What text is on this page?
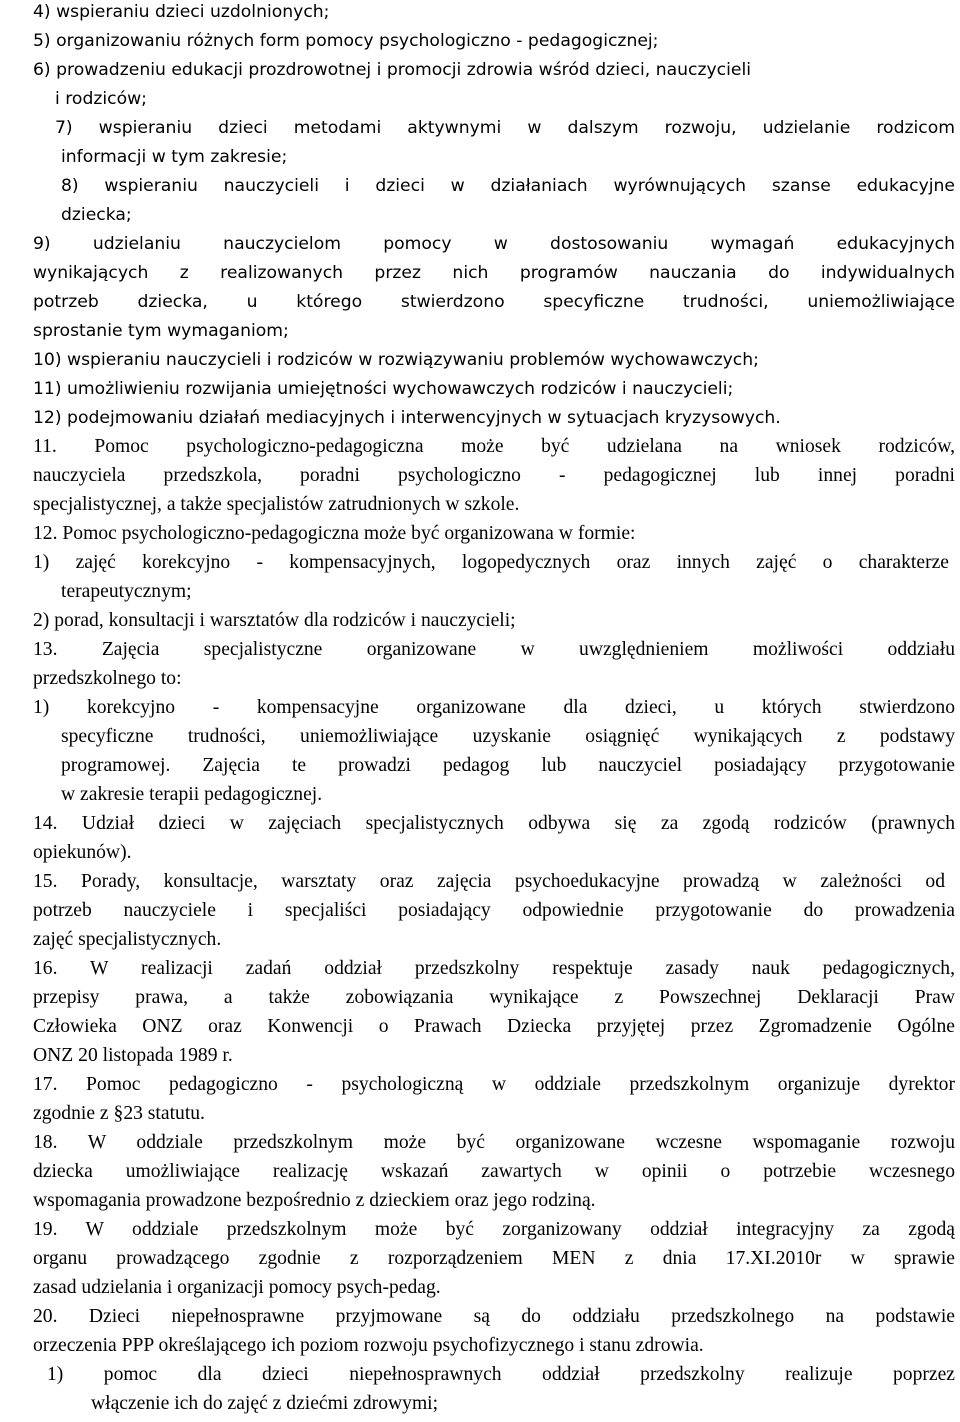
4) wspieraniu dzieci uzdolnionych;
5) organizowaniu różnych form pomocy psychologiczno - pedagogicznej;
6) prowadzeniu edukacji prozdrowotnej i promocji zdrowia wśród dzieci, nauczycieli
i rodziców;
7) wspieraniu dzieci metodami aktywnymi w dalszym rozwoju, udzielanie rodzicom
informacji w tym zakresie;
8) wspieraniu nauczycieli i dzieci w działaniach wyrównujących szanse edukacyjne
dziecka;
9) udzielaniu nauczycielom pomocy w dostosowaniu wymagań edukacyjnych
wynikających z realizowanych przez nich programów nauczania do indywidualnych
potrzeb dziecka, u którego stwierdzono specyficzne trudności, uniemożliwiające
sprostanie tym wymaganiom;
10) wspieraniu nauczycieli i rodziców w rozwiązywaniu problemów wychowawczych;
11) umożliwieniu rozwijania umiejętności wychowawczych rodziców i nauczycieli;
12) podejmowaniu działań mediacyjnych i interwencyjnych w sytuacjach kryzysowych.
11. Pomoc psychologiczno-pedagogiczna może być udzielana na wniosek rodziców,
nauczyciela przedszkola, poradni psychologiczno - pedagogicznej lub innej poradni
specjalistycznej, a także specjalistów zatrudnionych w szkole.
12. Pomoc psychologiczno-pedagogiczna może być organizowana w formie:
1) zajęć korekcyjno - kompensacyjnych, logopedycznych oraz innych zajęć o charakterze
terapeutycznym;
2) porad, konsultacji i warsztatów dla rodziców i nauczycieli;
13. Zajęcia specjalistyczne organizowane w uwzględnieniem możliwości oddziału
przedszkolnego to:
1) korekcyjno - kompensacyjne organizowane dla dzieci, u których stwierdzono
specyficzne trudności, uniemożliwiające uzyskanie osiągnięć wynikających z podstawy
programowej. Zajęcia te prowadzi pedagog lub nauczyciel posiadający przygotowanie
w zakresie terapii pedagogicznej.
14. Udział dzieci w zajęciach specjalistycznych odbywa się za zgodą rodziców (prawnych
opiekunów).
15. Porady, konsultacje, warsztaty oraz zajęcia psychoedukacyjne prowadzą w zależności od
potrzeb nauczyciele i specjaliści posiadający odpowiednie przygotowanie do prowadzenia
zajęć specjalistycznych.
16. W realizacji zadań oddział przedszkolny respektuje zasady nauk pedagogicznych,
przepisy prawa, a także zobowiązania wynikające z Powszechnej Deklaracji Praw
Człowieka ONZ oraz Konwencji o Prawach Dziecka przyjętej przez Zgromadzenie Ogólne
ONZ 20 listopada 1989 r.
17. Pomoc pedagogiczno - psychologiczną w oddziale przedszkolnym organizuje dyrektor
zgodnie z §23 statutu.
18. W oddziale przedszkolnym może być organizowane wczesne wspomaganie rozwoju
dziecka umożliwiające realizację wskazań zawartych w opinii o potrzebie wczesnego
wspomagania prowadzone bezpośrednio z dzieckiem oraz jego rodziną.
19. W oddziale przedszkolnym może być zorganizowany oddział integracyjny za zgodą
organu prowadzącego zgodnie z rozporządzeniem MEN z dnia 17.XI.2010r w sprawie
zasad udzielania i organizacji pomocy psych-pedag.
20. Dzieci niepełnosprawne przyjmowane są do oddziału przedszkolnego na podstawie
orzeczenia PPP określającego ich poziom rozwoju psychofizycznego i stanu zdrowia.
1) pomoc dla dzieci niepełnosprawnych oddział przedszkolny realizuje poprzez
włączenie ich do zajęć z dziećmi zdrowymi;
